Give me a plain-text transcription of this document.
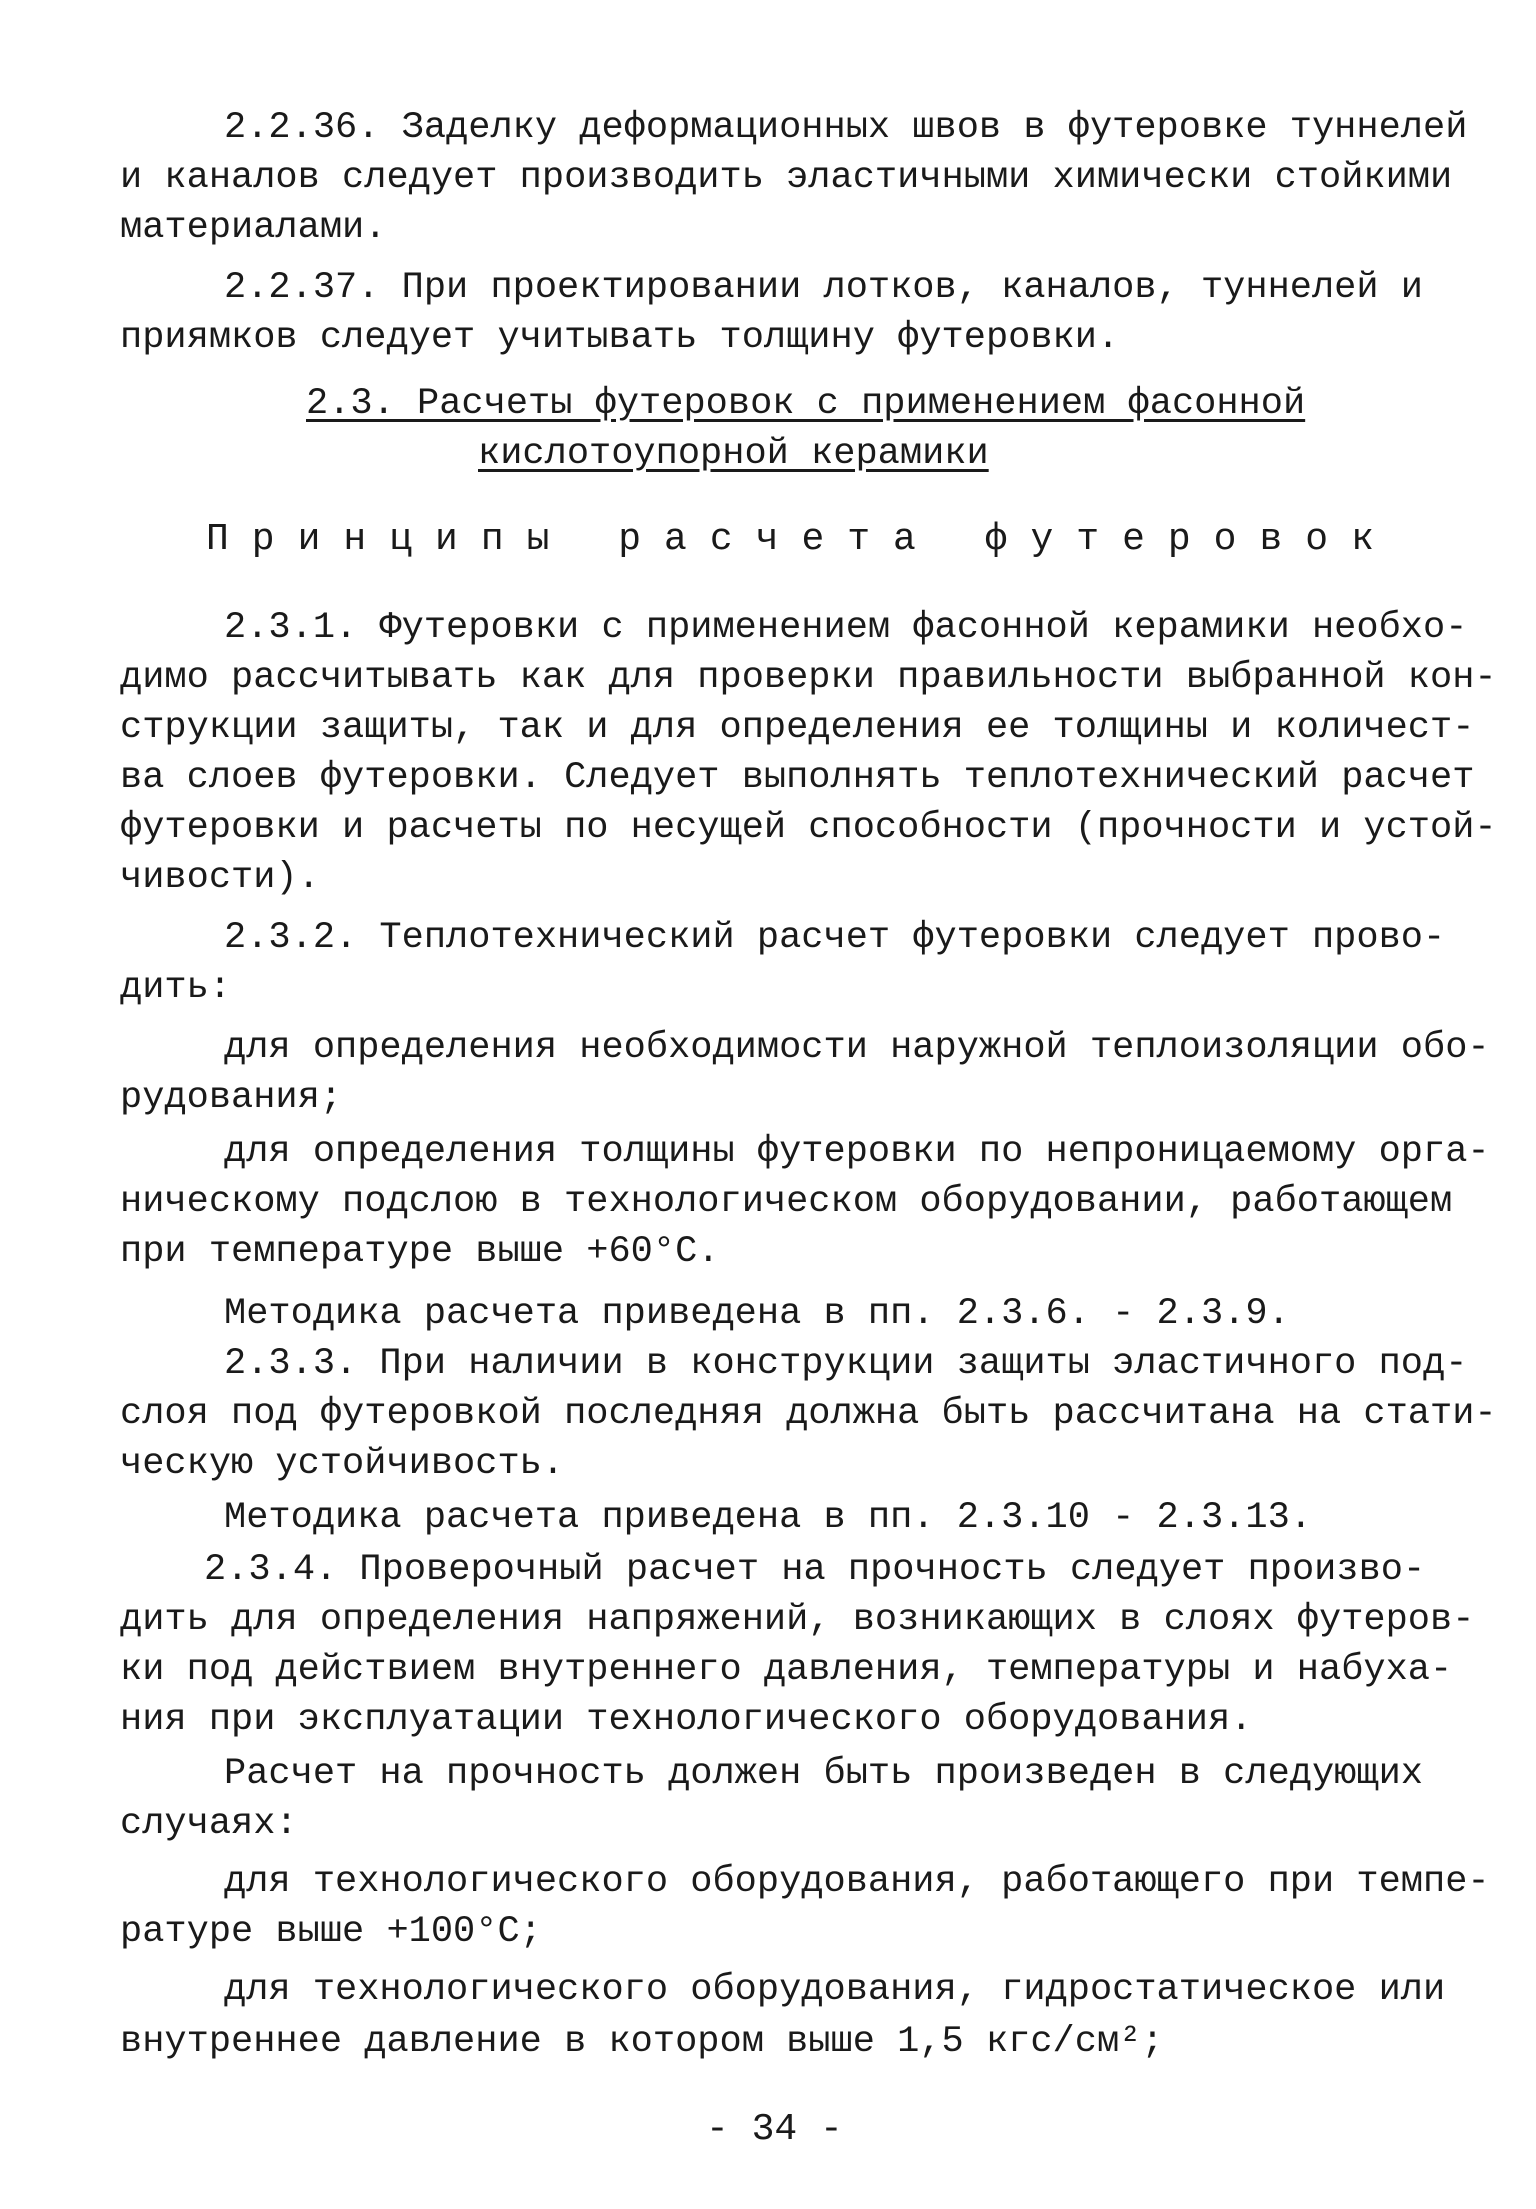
2.2.36. Заделку деформационных швов в футеровке туннелей
и каналов следует производить эластичными химически стойкими
материалами.
2.2.37. При проектировании лотков, каналов, туннелей и
приямков следует учитывать толщину футеровки.
2.3. Расчеты футеровок с применением фасонной
кислотоупорной керамики
Принципы расчета футеровок
2.3.1. Футеровки с применением фасонной керамики необхо-
димо рассчитывать как для проверки правильности выбранной кон-
струкции защиты, так и для определения ее толщины и количест-
ва слоев футеровки. Следует выполнять теплотехнический расчет
футеровки и расчеты по несущей способности (прочности и устой-
чивости).
2.3.2. Теплотехнический расчет футеровки следует прово-
дить:
для определения необходимости наружной теплоизоляции обо-
рудования;
для определения толщины футеровки по непроницаемому орга-
ническому подслою в технологическом оборудовании, работающем
при температуре выше +60°С.
Методика расчета приведена в пп. 2.3.6. - 2.3.9.
2.3.3. При наличии в конструкции защиты эластичного под-
слоя под футеровкой последняя должна быть рассчитана на стати-
ческую устойчивость.
Методика расчета приведена в пп. 2.3.10 - 2.3.13.
2.3.4. Проверочный расчет на прочность следует произво-
дить для определения напряжений, возникающих в слоях футеров-
ки под действием внутреннего давления, температуры и набуха-
ния при эксплуатации технологического оборудования.
Расчет на прочность должен быть произведен в следующих
случаях:
для технологического оборудования, работающего при темпе-
ратуре выше +100°С;
для технологического оборудования, гидростатическое или
внутреннее давление в котором выше 1,5 кгс/см²;
- 34 -
